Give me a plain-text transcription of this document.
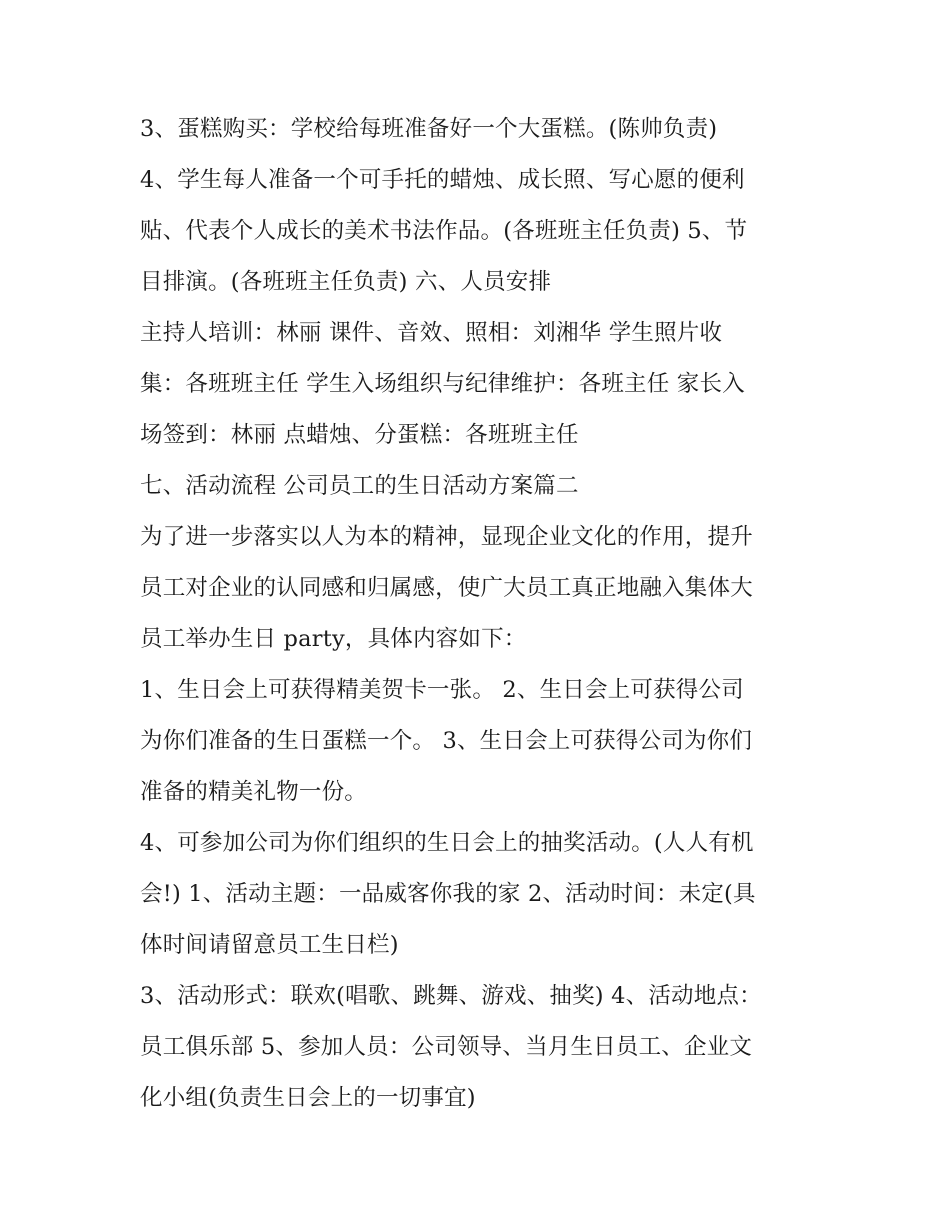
3、蛋糕购买：学校给每班准备好一个大蛋糕。(陈帅负责)
4、学生每人准备一个可手托的蜡烛、成长照、写心愿的便利
贴、代表个人成长的美术书法作品。(各班班主任负责) 5、节
目排演。(各班班主任负责) 六、人员安排
主持人培训：林丽 课件、音效、照相：刘湘华 学生照片收
集：各班班主任 学生入场组织与纪律维护：各班主任 家长入
场签到：林丽 点蜡烛、分蛋糕：各班班主任
七、活动流程 公司员工的生日活动方案篇二
为了进一步落实以人为本的精神，显现企业文化的作用，提升
员工对企业的认同感和归属感，使广大员工真正地融入集体大
员工举办生日 party，具体内容如下：
1、生日会上可获得精美贺卡一张。 2、生日会上可获得公司
为你们准备的生日蛋糕一个。 3、生日会上可获得公司为你们
准备的精美礼物一份。
4、可参加公司为你们组织的生日会上的抽奖活动。(人人有机
会!) 1、活动主题：一品威客你我的家 2、活动时间：未定(具
体时间请留意员工生日栏)
3、活动形式：联欢(唱歌、跳舞、游戏、抽奖) 4、活动地点：
员工俱乐部 5、参加人员：公司领导、当月生日员工、企业文
化小组(负责生日会上的一切事宜)
